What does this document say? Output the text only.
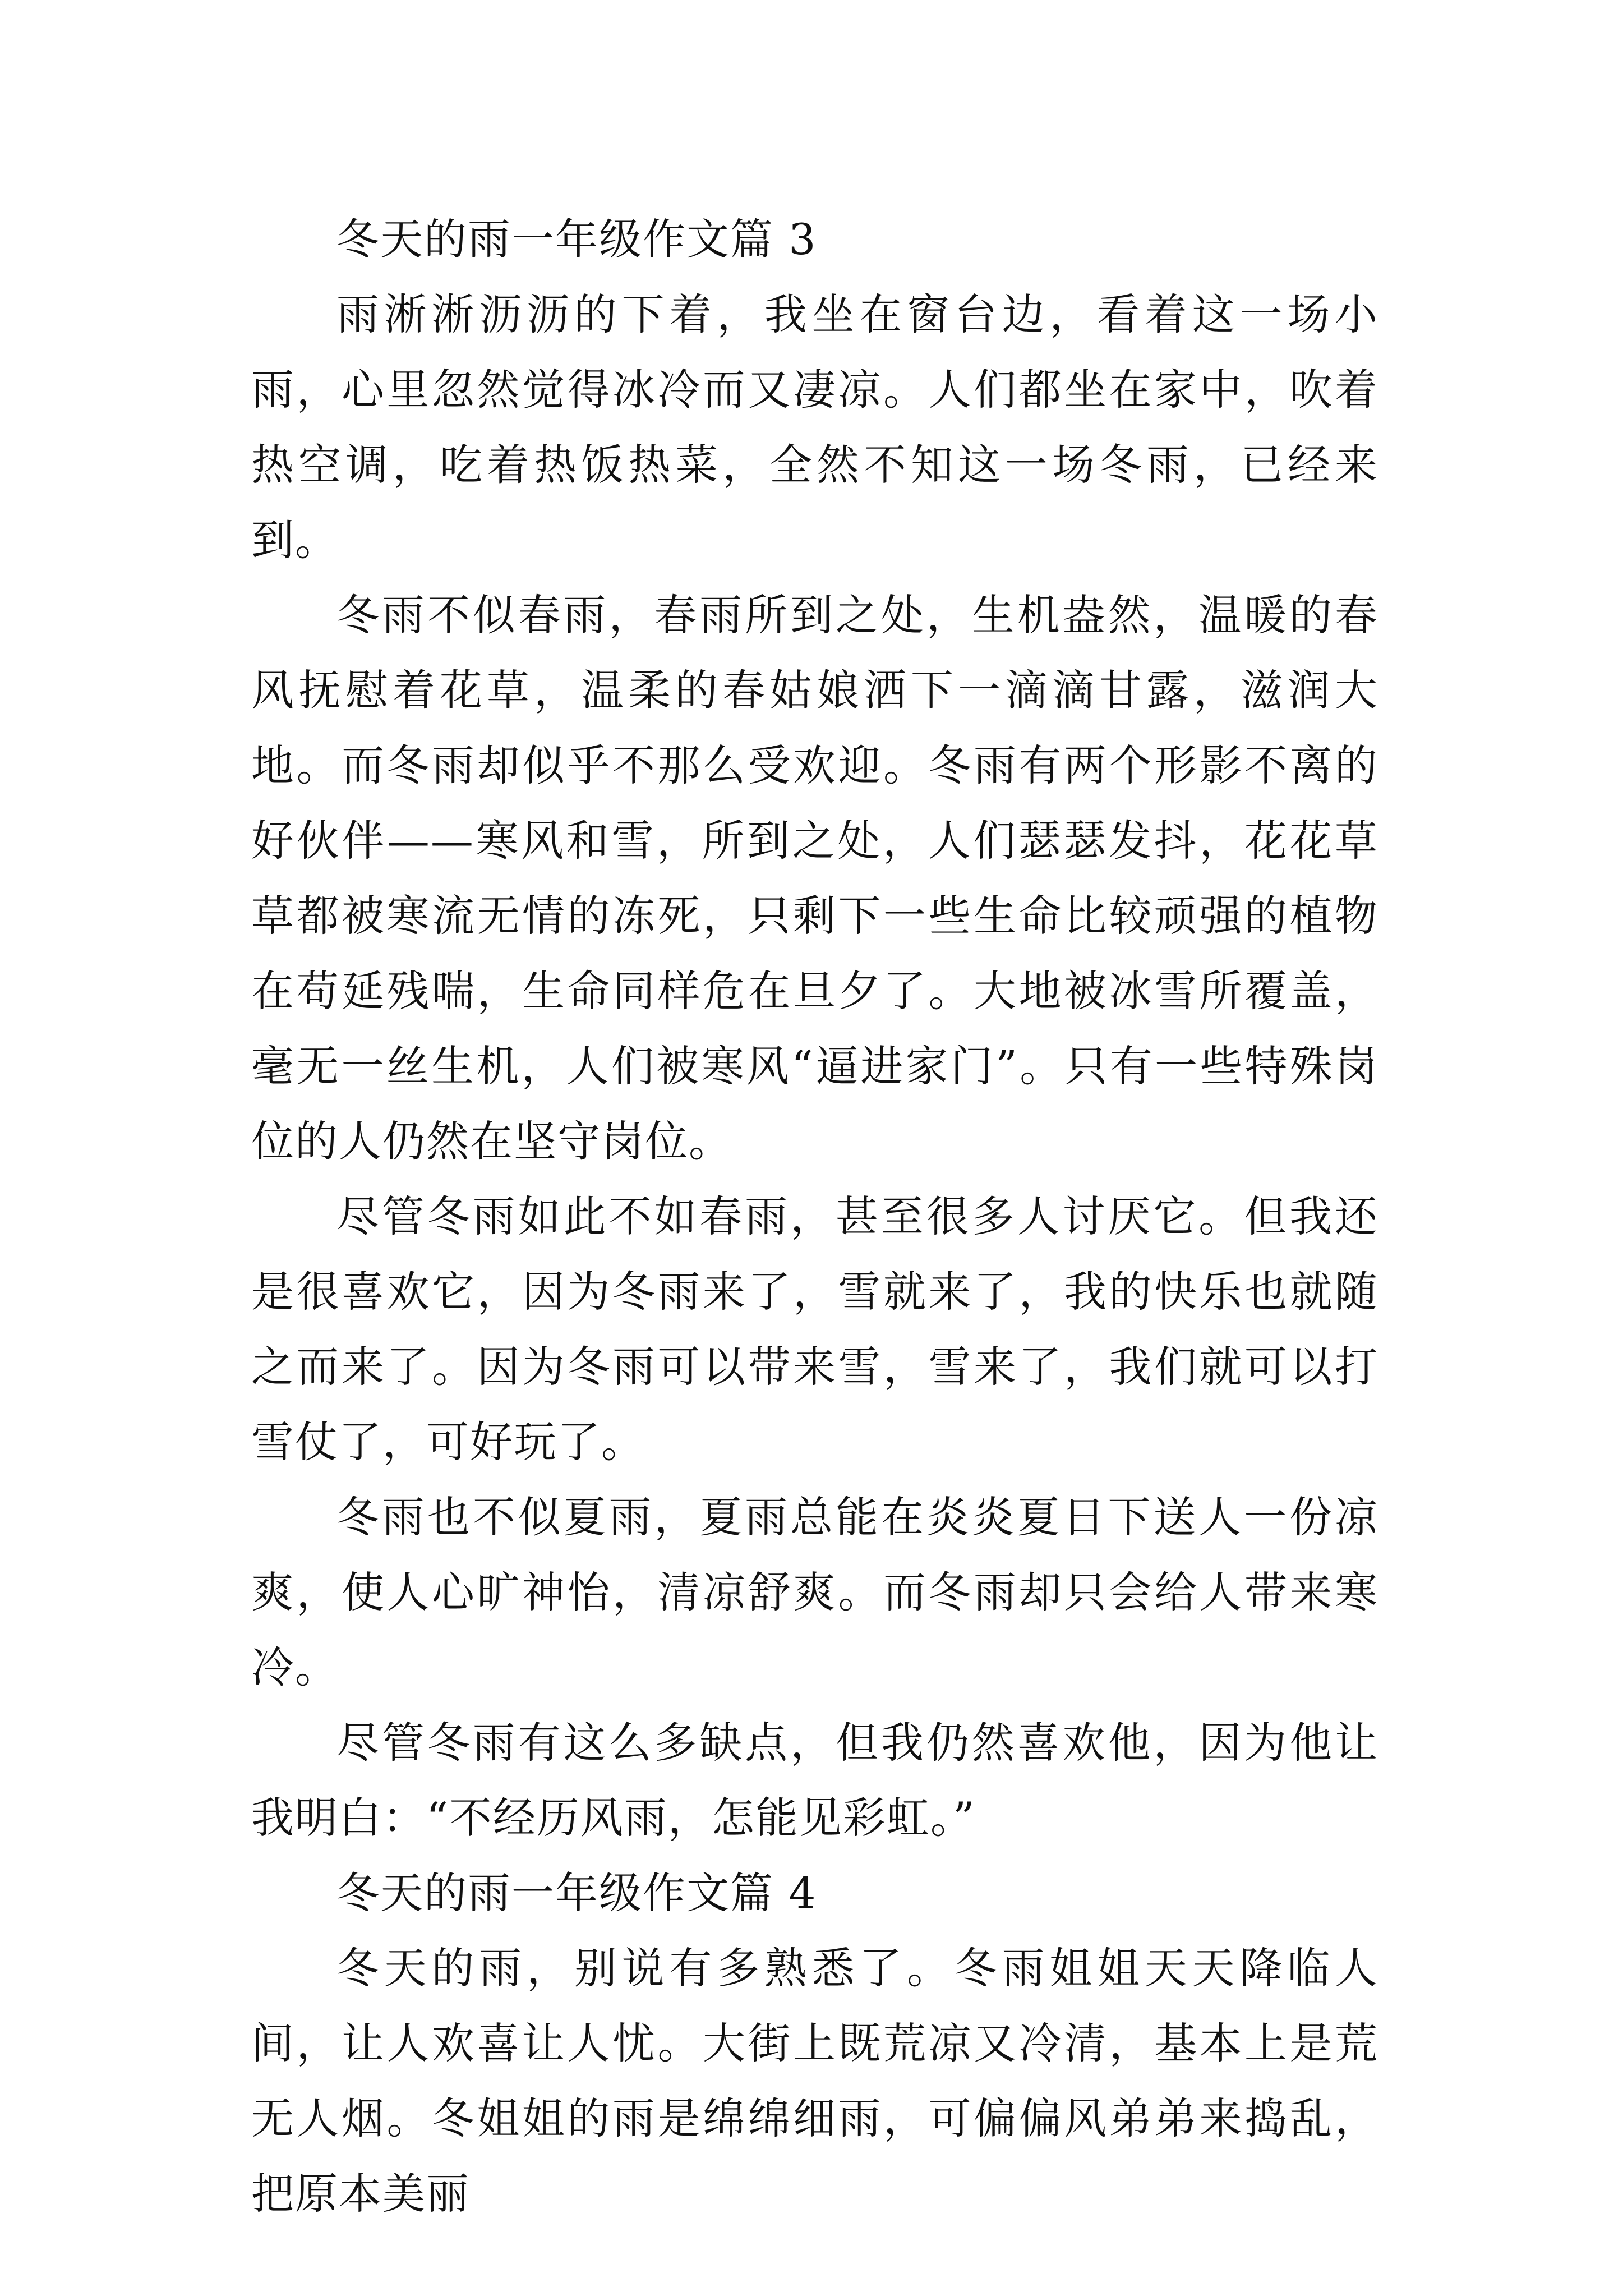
冬天的雨一年级作文篇 3

雨淅淅沥沥的下着，我坐在窗台边，看着这一场小雨，心里忽然觉得冰冷而又凄凉。人们都坐在家中，吹着热空调，吃着热饭热菜，全然不知这一场冬雨，已经来到。

冬雨不似春雨，春雨所到之处，生机盎然，温暖的春风抚慰着花草，温柔的春姑娘洒下一滴滴甘露，滋润大地。而冬雨却似乎不那么受欢迎。冬雨有两个形影不离的好伙伴——寒风和雪，所到之处，人们瑟瑟发抖，花花草草都被寒流无情的冻死，只剩下一些生命比较顽强的植物在苟延残喘，生命同样危在旦夕了。大地被冰雪所覆盖，毫无一丝生机，人们被寒风“逼进家门”。只有一些特殊岗位的人仍然在坚守岗位。

尽管冬雨如此不如春雨，甚至很多人讨厌它。但我还是很喜欢它，因为冬雨来了，雪就来了，我的快乐也就随之而来了。因为冬雨可以带来雪，雪来了，我们就可以打雪仗了，可好玩了。

冬雨也不似夏雨，夏雨总能在炎炎夏日下送人一份凉爽，使人心旷神怡，清凉舒爽。而冬雨却只会给人带来寒冷。

尽管冬雨有这么多缺点，但我仍然喜欢他，因为他让我明白：“不经历风雨，怎能见彩虹。”

冬天的雨一年级作文篇 4

冬天的雨，别说有多熟悉了。冬雨姐姐天天降临人间，让人欢喜让人忧。大街上既荒凉又冷清，基本上是荒无人烟。冬姐姐的雨是绵绵细雨，可偏偏风弟弟来捣乱，把原本美丽
